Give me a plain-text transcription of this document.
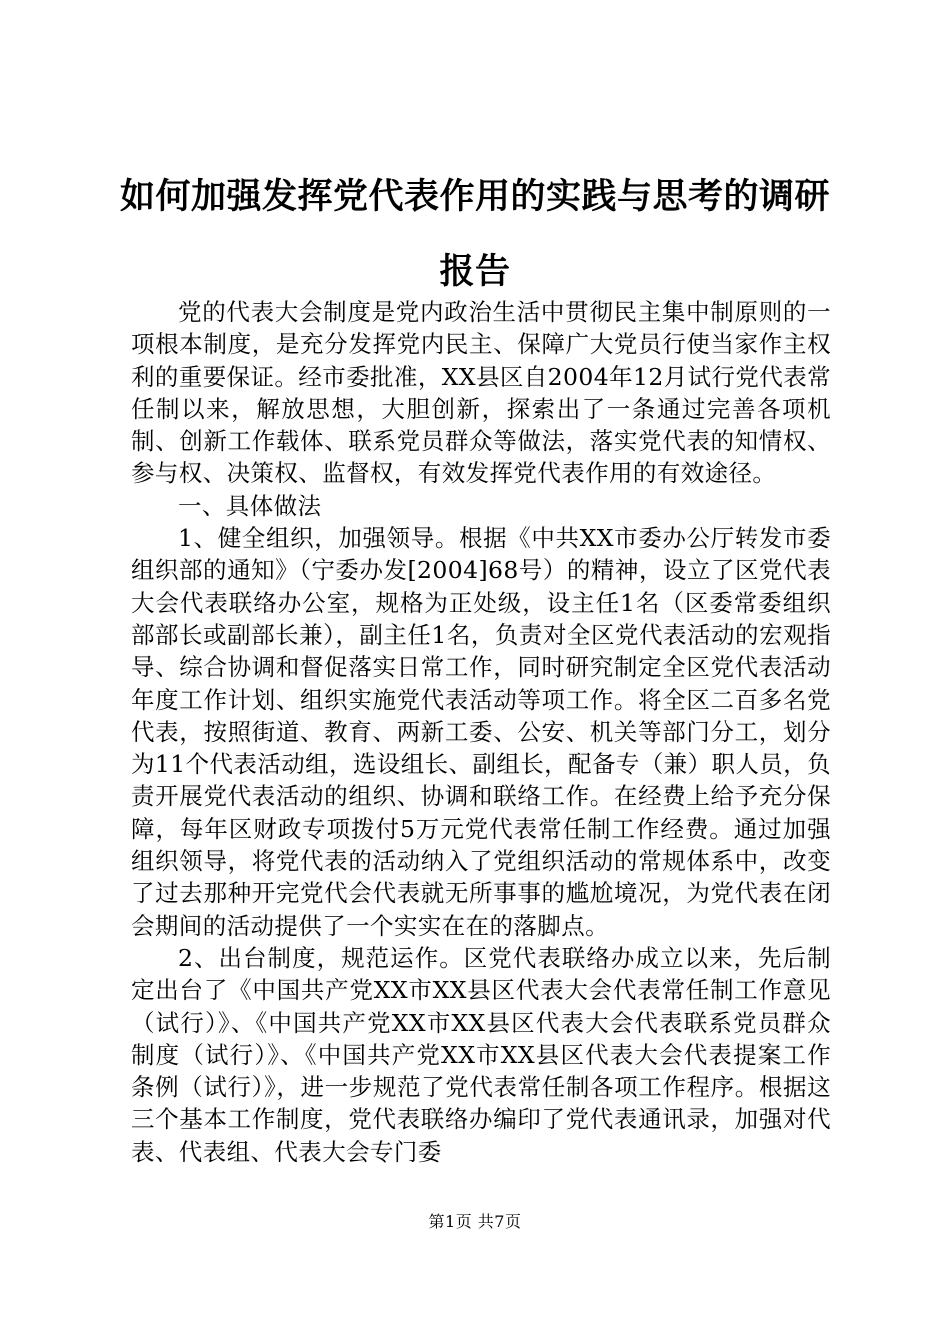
如何加强发挥党代表作用的实践与思考的调研报告

党的代表大会制度是党内政治生活中贯彻民主集中制原则的一项根本制度，是充分发挥党内民主、保障广大党员行使当家作主权利的重要保证。经市委批准，XX县区自2004年12月试行党代表常任制以来，解放思想，大胆创新，探索出了一条通过完善各项机制、创新工作载体、联系党员群众等做法，落实党代表的知情权、参与权、决策权、监督权，有效发挥党代表作用的有效途径。

一、具体做法

1、健全组织，加强领导。根据《中共XX市委办公厅转发市委组织部的通知》（宁委办发[2004]68号）的精神，设立了区党代表大会代表联络办公室，规格为正处级，设主任1名（区委常委组织部部长或副部长兼），副主任1名，负责对全区党代表活动的宏观指导、综合协调和督促落实日常工作，同时研究制定全区党代表活动年度工作计划、组织实施党代表活动等项工作。将全区二百多名党代表，按照街道、教育、两新工委、公安、机关等部门分工，划分为11个代表活动组，选设组长、副组长，配备专（兼）职人员，负责开展党代表活动的组织、协调和联络工作。在经费上给予充分保障，每年区财政专项拨付5万元党代表常任制工作经费。通过加强组织领导，将党代表的活动纳入了党组织活动的常规体系中，改变了过去那种开完党代会代表就无所事事的尴尬境况，为党代表在闭会期间的活动提供了一个实实在在的落脚点。

2、出台制度，规范运作。区党代表联络办成立以来，先后制定出台了《中国共产党XX市XX县区代表大会代表常任制工作意见（试行）》、《中国共产党XX市XX县区代表大会代表联系党员群众制度（试行）》、《中国共产党XX市XX县区代表大会代表提案工作条例（试行）》，进一步规范了党代表常任制各项工作程序。根据这三个基本工作制度，党代表联络办编印了党代表通讯录，加强对代表、代表组、代表大会专门委

第1页 共7页
